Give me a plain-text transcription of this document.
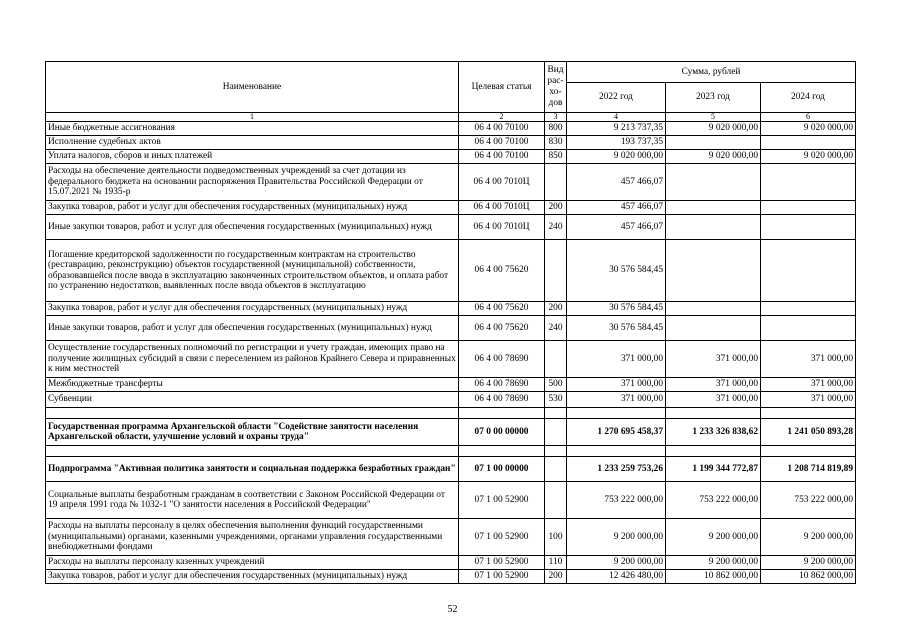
Наименование	Целевая статья	Вид
рас-
хо-
дов	Сумма, рублей		
			2022 год	2023 год	2024 год
1	2	3	4	5	6
Иные бюджетные ассигнования	06 4 00 70100	800	9 213 737,35	9 020 000,00	9 020 000,00
Исполнение судебных актов	06 4 00 70100	830	193 737,35		
Уплата налогов, сборов и иных платежей	06 4 00 70100	850	9 020 000,00	9 020 000,00	9 020 000,00
Расходы на обеспечение деятельности подведомственных учреждений за счет дотации из федерального бюджета на основании распоряжения Правительства Российской Федерации от 15.07.2021 № 1935-р	06 4 00 7010Ц		457 466,07		
Закупка товаров, работ и услуг для обеспечения государственных (муниципальных) нужд	06 4 00 7010Ц	200	457 466,07		
Иные закупки товаров, работ и услуг для обеспечения государственных (муниципальных) нужд	06 4 00 7010Ц	240	457 466,07		
Погашение кредиторской задолженности по государственным контрактам на строительство (реставрацию, реконструкцию) объектов государственной (муниципальной) собственности, образовавшейся после ввода в эксплуатацию законченных строительством объектов, и оплата работ по устранению недостатков, выявленных после ввода объектов в эксплуатацию	06 4 00 75620		30 576 584,45		
Закупка товаров, работ и услуг для обеспечения государственных (муниципальных) нужд	06 4 00 75620	200	30 576 584,45		
Иные закупки товаров, работ и услуг для обеспечения государственных (муниципальных) нужд	06 4 00 75620	240	30 576 584,45		
Осуществление государственных полномочий по регистрации и учету граждан, имеющих право на получение жилищных субсидий в связи с переселением из районов Крайнего Севера и приравненных к ним местностей	06 4 00 78690		371 000,00	371 000,00	371 000,00
Межбюджетные трансферты	06 4 00 78690	500	371 000,00	371 000,00	371 000,00
Субвенции	06 4 00 78690	530	371 000,00	371 000,00	371 000,00

Государственная программа Архангельской области "Содействие занятости населения Архангельской области, улучшение условий и охраны труда"	07 0 00 00000		1 270 695 458,37	1 233 326 838,62	1 241 050 893,28

Подпрограмма "Активная политика занятости и социальная поддержка безработных граждан"	07 1 00 00000		1 233 259 753,26	1 199 344 772,87	1 208 714 819,89
Социальные выплаты безработным гражданам в соответствии с Законом Российской Федерации от 19 апреля 1991 года № 1032-1 "О занятости населения в Российской Федерации"	07 1 00 52900		753 222 000,00	753 222 000,00	753 222 000,00
Расходы на выплаты персоналу в целях обеспечения выполнения функций государственными (муниципальными) органами, казенными учреждениями, органами управления государственными внебюджетными фондами	07 1 00 52900	100	9 200 000,00	9 200 000,00	9 200 000,00
Расходы на выплаты персоналу казенных учреждений	07 1 00 52900	110	9 200 000,00	9 200 000,00	9 200 000,00
Закупка товаров, работ и услуг для обеспечения государственных (муниципальных) нужд	07 1 00 52900	200	12 426 480,00	10 862 000,00	10 862 000,00
52
